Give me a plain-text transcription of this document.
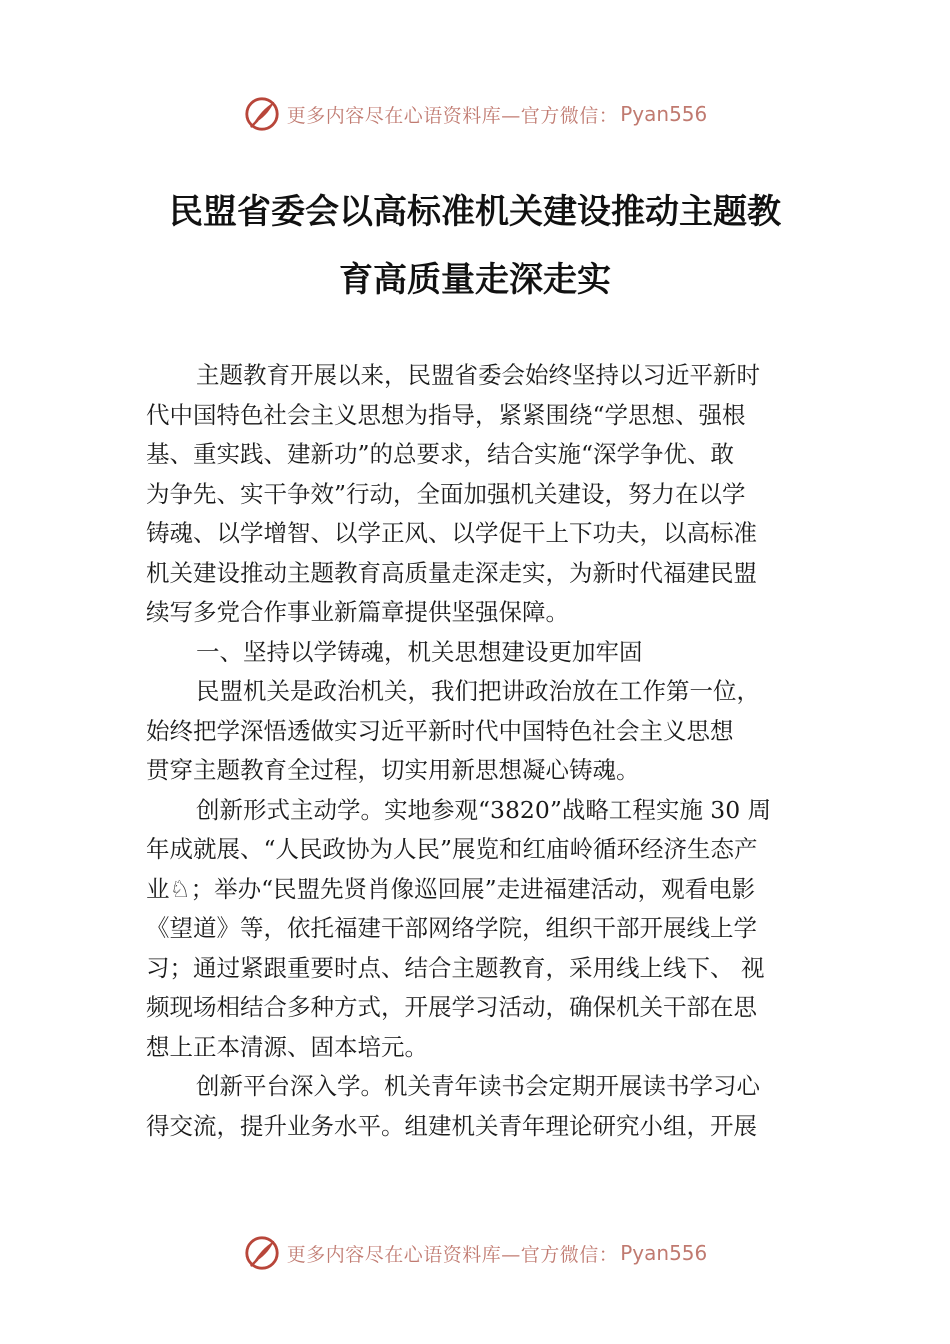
更多内容尽在心语资料库—官方微信： Pyan556
民盟省委会以高标准机关建设推动主题教
育高质量走深走实
主题教育开展以来，民盟省委会始终坚持以习近平新时
代中国特色社会主义思想为指导，紧紧围绕“学思想、强根
基、重实践、建新功”的总要求，结合实施“深学争优、敢
为争先、实干争效”行动，全面加强机关建设，努力在以学
铸魂、以学增智、以学正风、以学促干上下功夫，以高标准
机关建设推动主题教育高质量走深走实，为新时代福建民盟
续写多党合作事业新篇章提供坚强保障。
一、坚持以学铸魂，机关思想建设更加牢固
民盟机关是政治机关，我们把讲政治放在工作第一位，
始终把学深悟透做实习近平新时代中国特色社会主义思想
贯穿主题教育全过程，切实用新思想凝心铸魂。
创新形式主动学。实地参观“3820”战略工程实施 30 周
年成就展、“人民政协为人民”展览和红庙岭循环经济生态产
业♘；举办“民盟先贤肖像巡回展”走进福建活动，观看电影
《望道》等，依托福建干部网络学院，组织干部开展线上学
习；通过紧跟重要时点、结合主题教育，采用线上线下、 视
频现场相结合多种方式，开展学习活动，确保机关干部在思
想上正本清源、固本培元。
创新平台深入学。机关青年读书会定期开展读书学习心
得交流，提升业务水平。组建机关青年理论研究小组，开展
更多内容尽在心语资料库—官方微信： Pyan556
